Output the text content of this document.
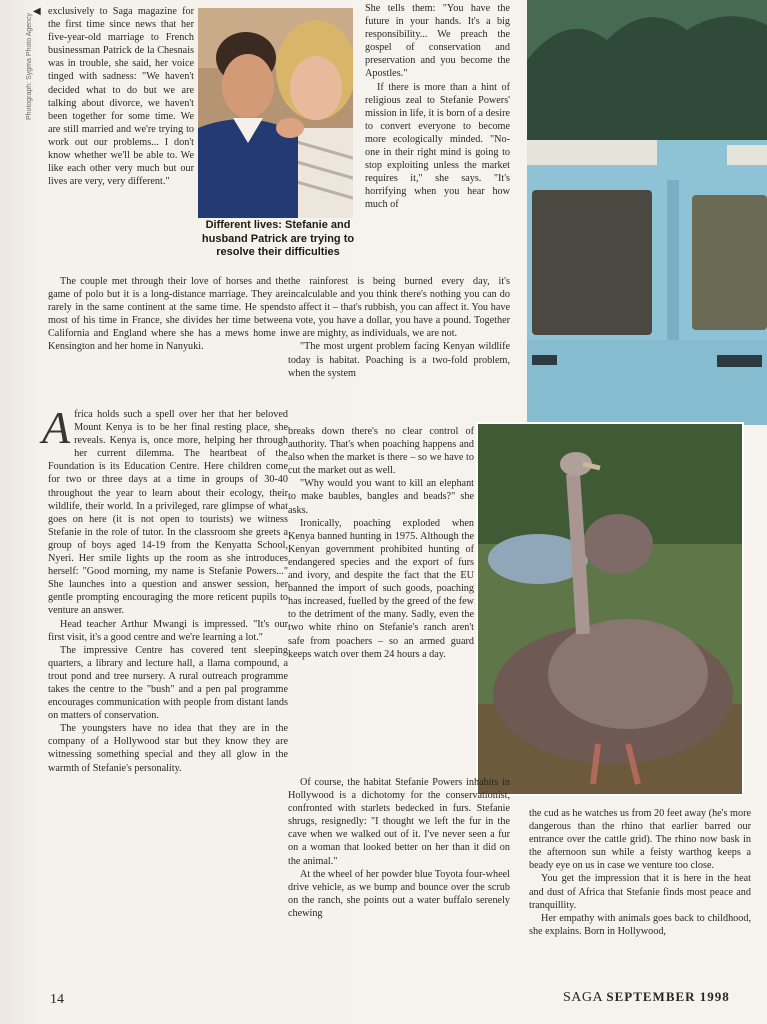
◀
Photograph: Sygma Photo Agency
Different lives: Stefanie and husband Patrick are trying to resolve their difficulties

exclusively to Saga magazine for the first time since news that her five-year-old marriage to French businessman Patrick de la Chesnais was in trouble, she said, her voice tinged with sadness: "We haven't decided what to do but we are talking about divorce, we haven't been together for some time. We are still married and we're trying to work out our problems... I don't know whether we'll be able to. We like each other very much but our lives are very, very different."

The couple met through their love of horses and the game of polo but it is a long-distance marriage. They are rarely in the same continent at the same time. He spends most of his time in France, she divides her time between California and England where she has a mews home in Kensington and her home in Nanyuki.

Africa holds such a spell over her that her beloved Mount Kenya is to be her final resting place, she reveals. Kenya is, once more, helping her through her current dilemma. The heartbeat of the Foundation is its Education Centre. Here children come for two or three days at a time in groups of 30-40 throughout the year to learn about their ecology, their wildlife, their world. In a privileged, rare glimpse of what goes on here (it is not open to tourists) we witness Stefanie in the role of tutor. In the classroom she greets a group of boys aged 14-19 from the Kenyatta School, Nyeri. Her smile lights up the room as she introduces herself: "Good morning, my name is Stefanie Powers..." She launches into a question and answer session, her gentle prompting encouraging the more reticent pupils to venture an answer.

Head teacher Arthur Mwangi is impressed. "It's our first visit, it's a good centre and we're learning a lot."

The impressive Centre has covered tent sleeping quarters, a library and lecture hall, a llama compound, a trout pond and tree nursery. A rural outreach programme takes the centre to the "bush" and a pen pal programme encourages communication with people from distant lands on matters of conservation.

The youngsters have no idea that they are in the company of a Hollywood star but they know they are witnessing something special and they all glow in the warmth of Stefanie's personality.

She tells them: "You have the future in your hands. It's a big responsibility... We preach the gospel of conservation and preservation and you become the Apostles."

If there is more than a hint of religious zeal to Stefanie Powers' mission in life, it is born of a desire to convert everyone to become more ecologically minded. "No-one in their right mind is going to stop exploiting unless the market requires it," she says. "It's horrifying when you hear how much of

the rainforest is being burned every day, it's incalculable and you think there's nothing you can do to affect it – that's rubbish, you can affect it. You have a vote, you have a dollar, you have a pound. Together we are mighty, as individuals, we are not.

"The most urgent problem facing Kenyan wildlife today is habitat. Poaching is a two-fold problem, when the system

breaks down there's no clear control of authority. That's when poaching happens and also when the market is there – so we have to cut the market out as well.

"Why would you want to kill an elephant to make baubles, bangles and beads?" she asks.

Ironically, poaching exploded when Kenya banned hunting in 1975. Although the Kenyan government prohibited hunting of endangered species and the export of furs and ivory, and despite the fact that the EU banned the import of such goods, poaching has increased, fuelled by the greed of the few to the detriment of the many. Sadly, even the two white rhino on Stefanie's ranch aren't safe from poachers – so an armed guard keeps watch over them 24 hours a day.

Of course, the habitat Stefanie Powers inhabits in Hollywood is a dichotomy for the conservationist, confronted with starlets bedecked in furs. Stefanie shrugs, resignedly: "I thought we left the fur in the cave when we walked out of it. I've never seen a fur on a woman that looked better on her than it did on the animal."

At the wheel of her powder blue Toyota four-wheel drive vehicle, as we bump and bounce over the scrub on the ranch, she points out a water buffalo serenely chewing

the cud as he watches us from 20 feet away (he's more dangerous than the rhino that earlier barred our entrance over the cattle grid). The rhino now bask in the afternoon sun while a feisty warthog keeps a beady eye on us in case we venture too close.

You get the impression that it is here in the heat and dust of Africa that Stefanie finds most peace and tranquillity.

Her empathy with animals goes back to childhood, she explains. Born in Hollywood,

14	SAGA SEPTEMBER 1998
